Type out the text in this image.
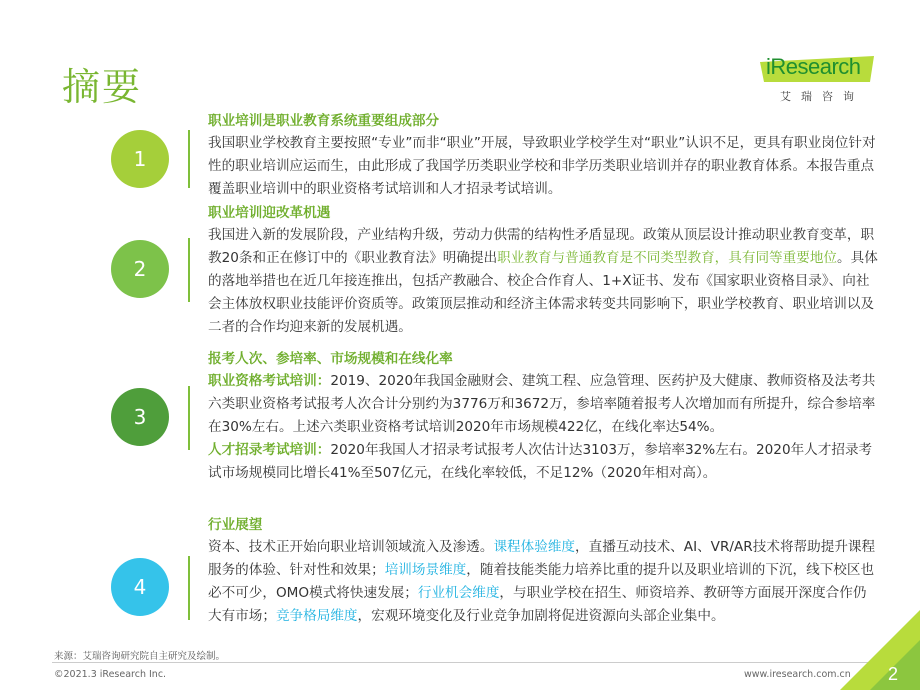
摘要	iResearch
艾瑞咨询
1
职业培训是职业教育系统重要组成部分

我国职业学校教育主要按照“专业”而非“职业”开展，导致职业学校学生对“职业”认识不足，更具有职业岗位针对性的职业培训应运而生，由此形成了我国学历类职业学校和非学历类职业培训并存的职业教育体系。本报告重点覆盖职业培训中的职业资格考试培训和人才招录考试培训。

2
职业培训迎改革机遇

我国进入新的发展阶段，产业结构升级，劳动力供需的结构性矛盾显现。政策从顶层设计推动职业教育变革，职教20条和正在修订中的《职业教育法》明确提出职业教育与普通教育是不同类型教育，具有同等重要地位。具体的落地举措也在近几年接连推出，包括产教融合、校企合作育人、1+X证书、发布《国家职业资格目录》、向社会主体放权职业技能评价资质等。政策顶层推动和经济主体需求转变共同影响下，职业学校教育、职业培训以及二者的合作均迎来新的发展机遇。

3
报考人次、参培率、市场规模和在线化率

职业资格考试培训：2019、2020年我国金融财会、建筑工程、应急管理、医药护及大健康、教师资格及法考共六类职业资格考试报考人次合计分别约为3776万和3672万，参培率随着报考人次增加而有所提升，综合参培率在30%左右。上述六类职业资格考试培训2020年市场规模422亿，在线化率达54%。

人才招录考试培训：2020年我国人才招录考试报考人次估计达3103万，参培率32%左右。2020年人才招录考试市场规模同比增长41%至507亿元，在线化率较低，不足12%（2020年相对高）。

4
行业展望

资本、技术正开始向职业培训领域流入及渗透。课程体验维度，直播互动技术、AI、VR/AR技术将帮助提升课程服务的体验、针对性和效果；培训场景维度，随着技能类能力培养比重的提升以及职业培训的下沉，线下校区也必不可少，OMO模式将快速发展；行业机会维度，与职业学校在招生、师资培养、教研等方面展开深度合作仍大有市场；竞争格局维度，宏观环境变化及行业竞争加剧将促进资源向头部企业集中。

来源：艾瑞咨询研究院自主研究及绘制。
©2021.3 iResearch Inc.	www.iresearch.com.cn 2
